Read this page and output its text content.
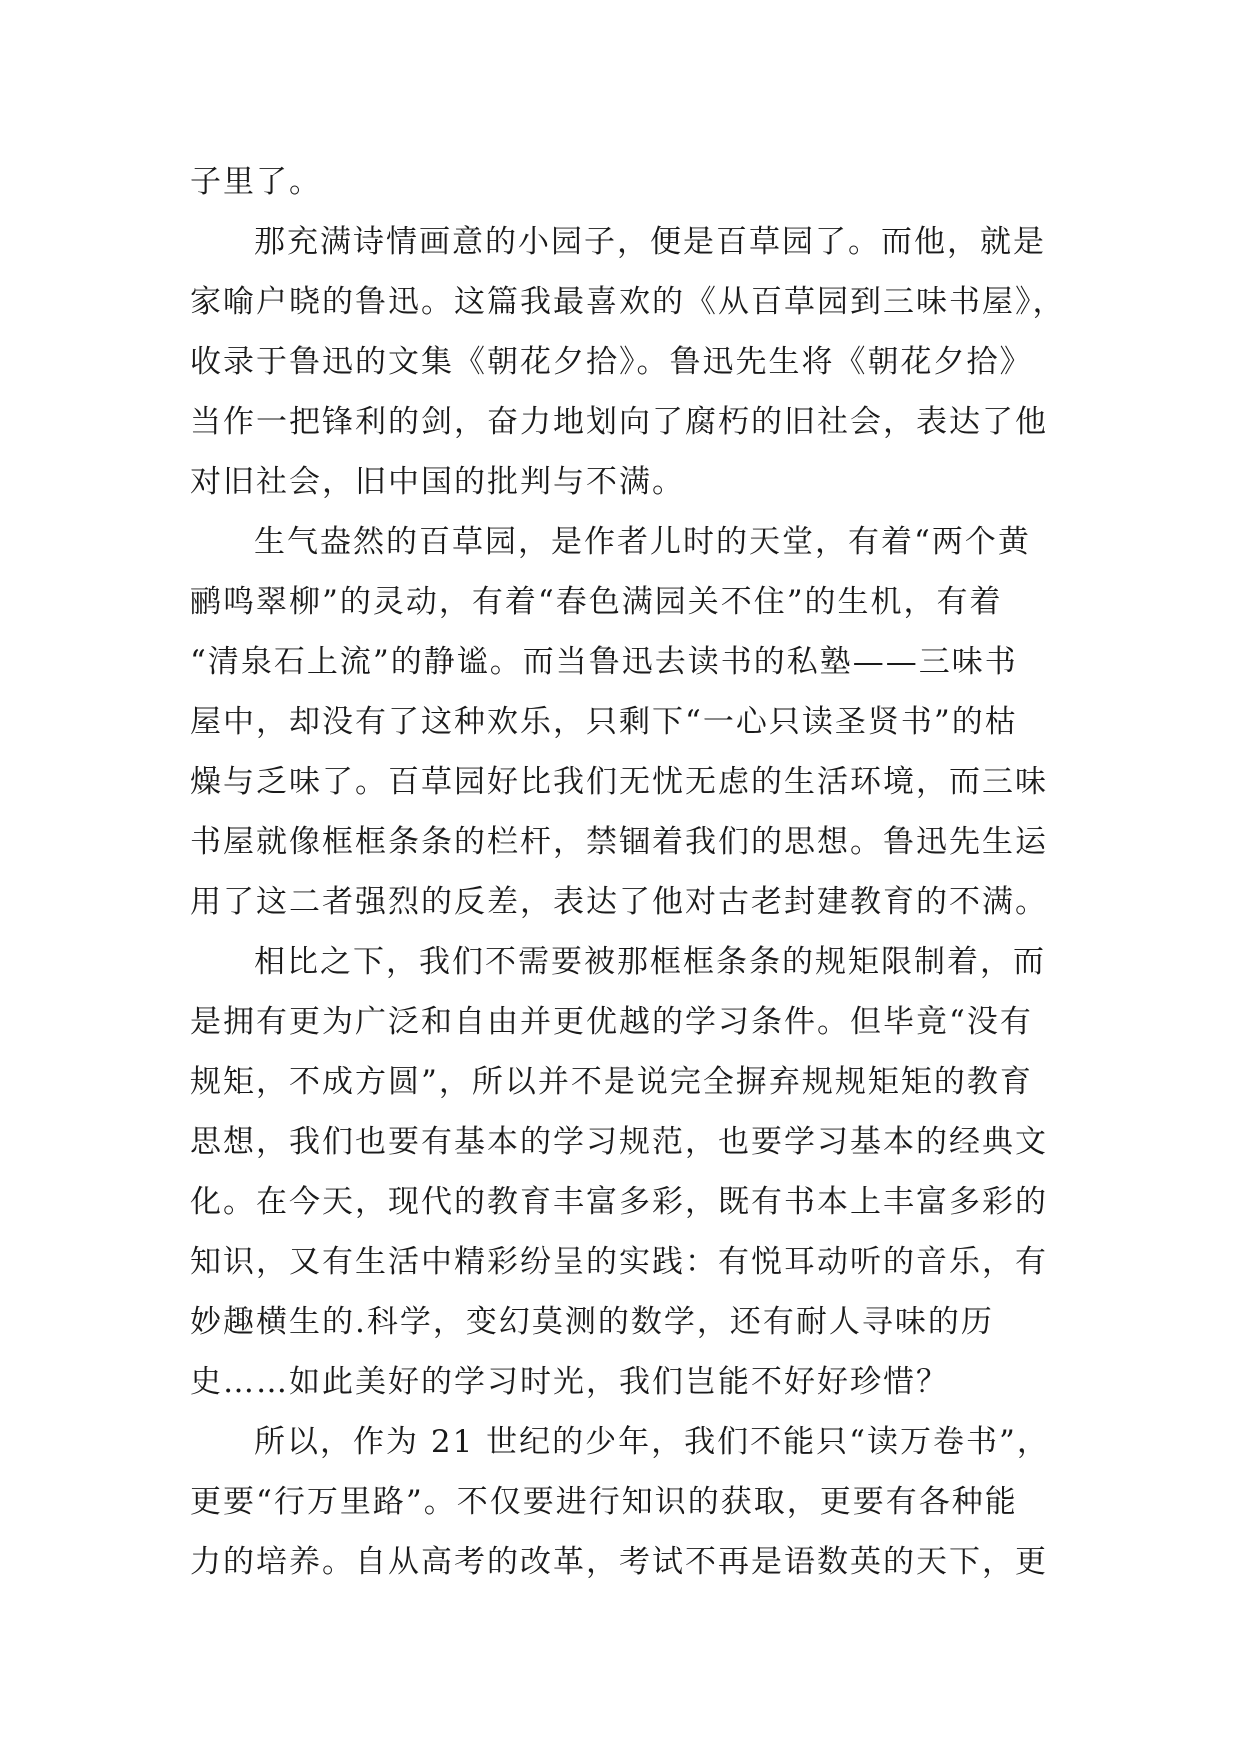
子里了。
那充满诗情画意的小园子，便是百草园了。而他，就是
家喻户晓的鲁迅。这篇我最喜欢的《从百草园到三味书屋》，
收录于鲁迅的文集《朝花夕拾》。鲁迅先生将《朝花夕拾》
当作一把锋利的剑，奋力地划向了腐朽的旧社会，表达了他
对旧社会，旧中国的批判与不满。
生气盎然的百草园，是作者儿时的天堂，有着“两个黄
鹂鸣翠柳”的灵动，有着“春色满园关不住”的生机，有着
“清泉石上流”的静谧。而当鲁迅去读书的私塾——三味书
屋中，却没有了这种欢乐，只剩下“一心只读圣贤书”的枯
燥与乏味了。百草园好比我们无忧无虑的生活环境，而三味
书屋就像框框条条的栏杆，禁锢着我们的思想。鲁迅先生运
用了这二者强烈的反差，表达了他对古老封建教育的不满。
相比之下，我们不需要被那框框条条的规矩限制着，而
是拥有更为广泛和自由并更优越的学习条件。但毕竟“没有
规矩，不成方圆”，所以并不是说完全摒弃规规矩矩的教育
思想，我们也要有基本的学习规范，也要学习基本的经典文
化。在今天，现代的教育丰富多彩，既有书本上丰富多彩的
知识，又有生活中精彩纷呈的实践：有悦耳动听的音乐，有
妙趣横生的.科学，变幻莫测的数学，还有耐人寻味的历
史……如此美好的学习时光，我们岂能不好好珍惜？
所以，作为 21 世纪的少年，我们不能只“读万卷书”，
更要“行万里路”。不仅要进行知识的获取，更要有各种能
力的培养。自从高考的改革，考试不再是语数英的天下，更
